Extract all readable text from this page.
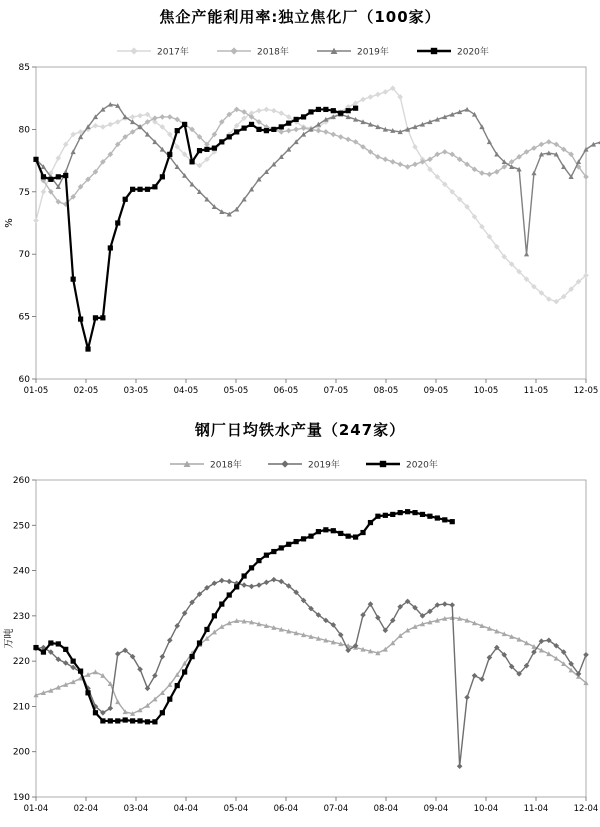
焦企产能利用率:独立焦化厂（100家）
2017年	2018年	2019年	2020年
60
65
70
75
80
85
%
01-05	02-05	03-05	04-05	05-05	06-05	07-05	08-05	09-05	10-05	11-05	12-05
钢厂日均铁水产量（247家）
2018年	2019年	2020年
190
200
210
220
230
240
250
260
万吨
01-04	02-04	03-04	04-04	05-04	06-04	07-04	08-04	09-04	10-04	11-04	12-04
